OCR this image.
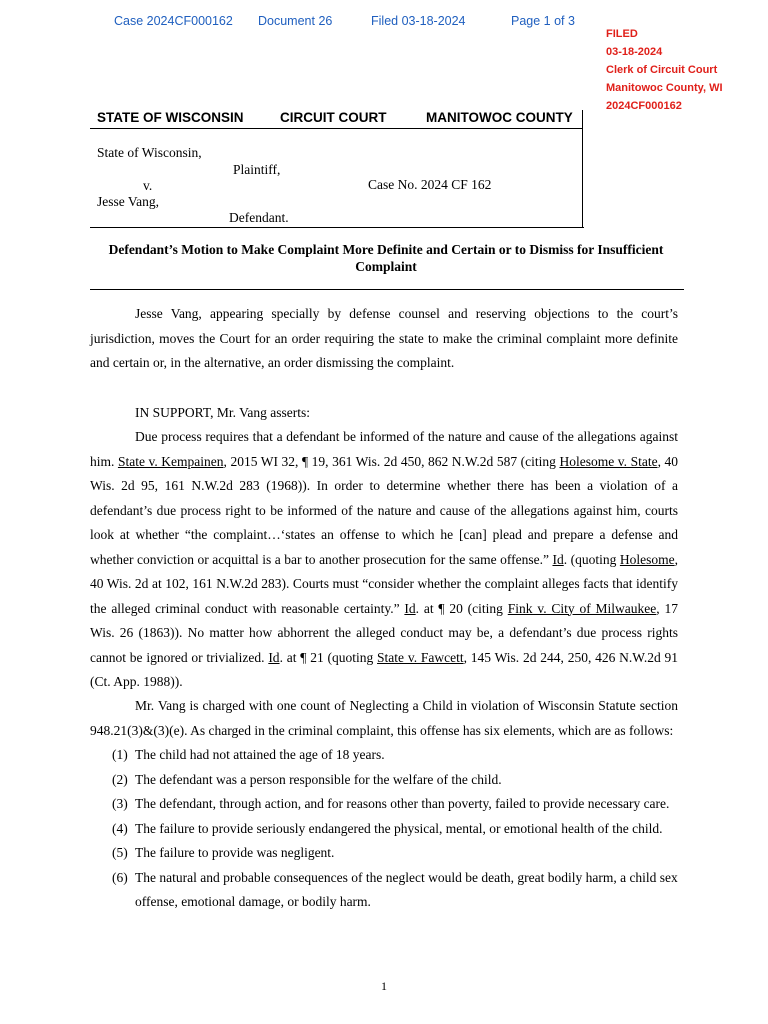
Case 2024CF000162 Document 26	Filed 03-18-2024	Page 1 of 3
FILED
03-18-2024
Clerk of Circuit Court
Manitowoc County, WI
2024CF000162
STATE OF WISCONSIN	CIRCUIT COURT	MANITOWOC COUNTY
State of Wisconsin,
Plaintiff,
v.	Case No. 2024 CF 162
Jesse Vang,
Defendant.
Defendant’s Motion to Make Complaint More Definite and Certain or to Dismiss for Insufficient Complaint
Jesse Vang, appearing specially by defense counsel and reserving objections to the court’s jurisdiction, moves the Court for an order requiring the state to make the criminal complaint more definite and certain or, in the alternative, an order dismissing the complaint.
IN SUPPORT, Mr. Vang asserts:
Due process requires that a defendant be informed of the nature and cause of the allegations against him. State v. Kempainen, 2015 WI 32, ¶ 19, 361 Wis. 2d 450, 862 N.W.2d 587 (citing Holesome v. State, 40 Wis. 2d 95, 161 N.W.2d 283 (1968)). In order to determine whether there has been a violation of a defendant’s due process right to be informed of the nature and cause of the allegations against him, courts look at whether “the complaint…‘states an offense to which he [can] plead and prepare a defense and whether conviction or acquittal is a bar to another prosecution for the same offense.” Id. (quoting Holesome, 40 Wis. 2d at 102, 161 N.W.2d 283). Courts must “consider whether the complaint alleges facts that identify the alleged criminal conduct with reasonable certainty.” Id. at ¶ 20 (citing Fink v. City of Milwaukee, 17 Wis. 26 (1863)). No matter how abhorrent the alleged conduct may be, a defendant’s due process rights cannot be ignored or trivialized. Id. at ¶ 21 (quoting State v. Fawcett, 145 Wis. 2d 244, 250, 426 N.W.2d 91 (Ct. App. 1988)).
Mr. Vang is charged with one count of Neglecting a Child in violation of Wisconsin Statute section 948.21(3)&(3)(e). As charged in the criminal complaint, this offense has six elements, which are as follows:
(1) The child had not attained the age of 18 years.
(2) The defendant was a person responsible for the welfare of the child.
(3) The defendant, through action, and for reasons other than poverty, failed to provide necessary care.
(4) The failure to provide seriously endangered the physical, mental, or emotional health of the child.
(5) The failure to provide was negligent.
(6) The natural and probable consequences of the neglect would be death, great bodily harm, a child sex offense, emotional damage, or bodily harm.
1
